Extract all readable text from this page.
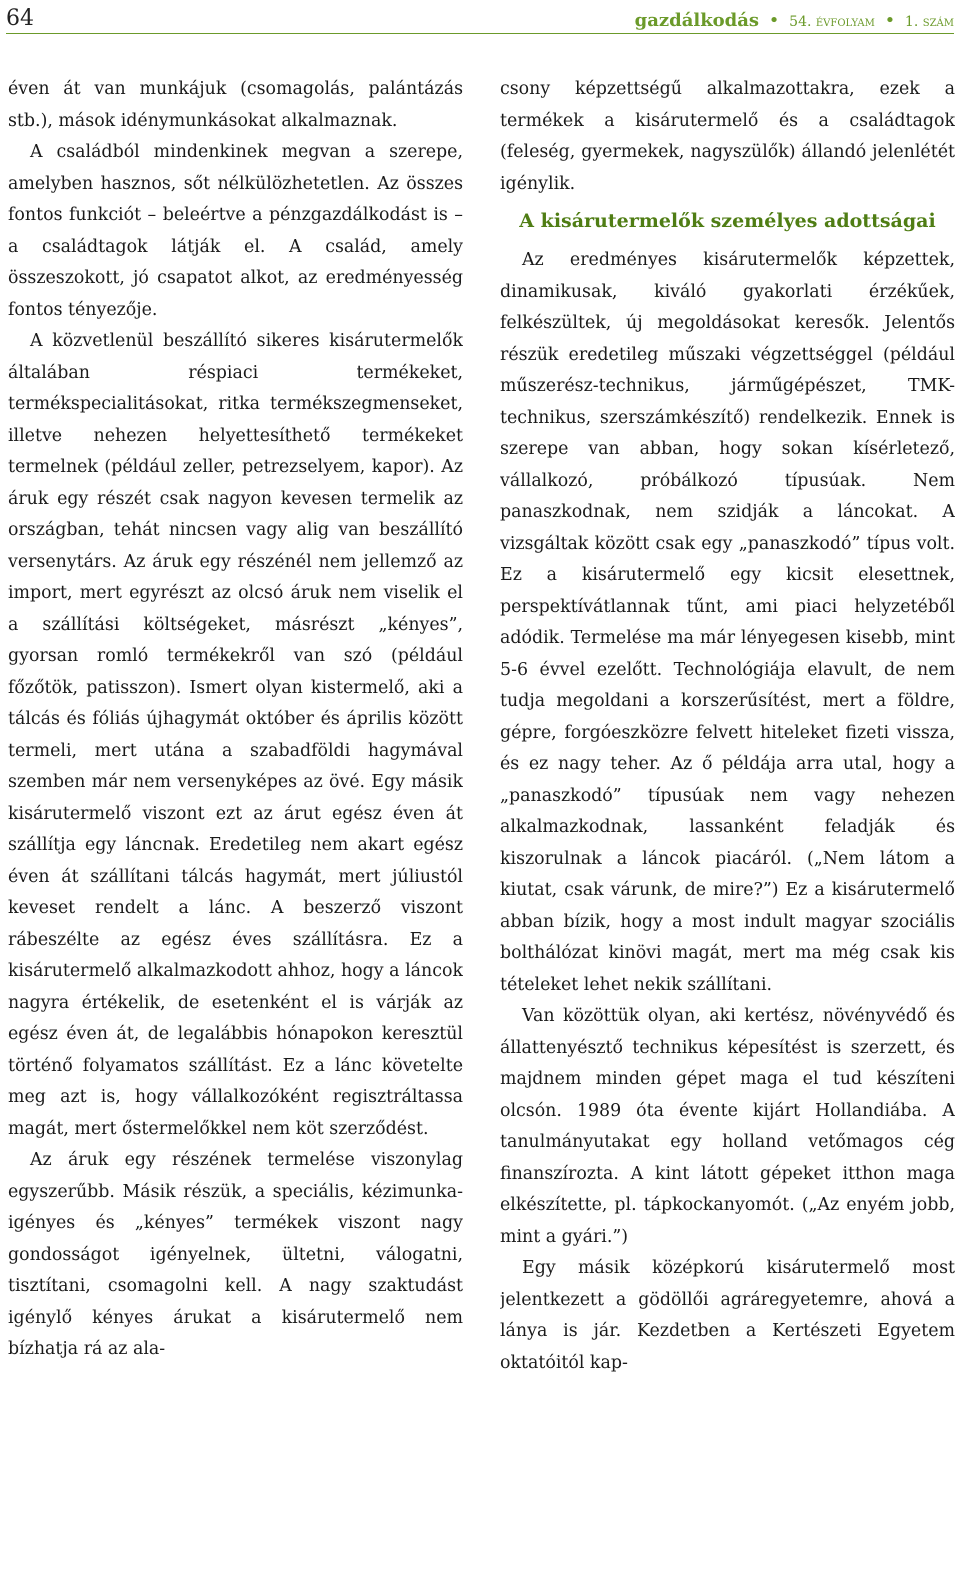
64	gazdálkodás • 54. évfolyam • 1. szám

éven át van munkájuk (csomagolás, palántázás stb.), mások idénymunkásokat alkalmaznak.

A családból mindenkinek megvan a szerepe, amelyben hasznos, sőt nélkülözhetetlen. Az összes fontos funkciót – beleértve a pénzgazdálkodást is – a családtagok látják el. A család, amely összeszokott, jó csapatot alkot, az eredményesség fontos tényezője.

A közvetlenül beszállító sikeres kisárutermelők általában réspiaci termékeket, termékspecialitásokat, ritka termékszegmenseket, illetve nehezen helyettesíthető termékeket termelnek (például zeller, petrezselyem, kapor). Az áruk egy részét csak nagyon kevesen termelik az országban, tehát nincsen vagy alig van beszállító versenytárs. Az áruk egy részénél nem jellemző az import, mert egyrészt az olcsó áruk nem viselik el a szállítási költségeket, másrészt „kényes”, gyorsan romló termékekről van szó (például főzőtök, patisszon). Ismert olyan kistermelő, aki a tálcás és fóliás újhagymát október és április között termeli, mert utána a szabadföldi hagymával szemben már nem versenyképes az övé. Egy másik kisárutermelő viszont ezt az árut egész éven át szállítja egy láncnak. Eredetileg nem akart egész éven át szállítani tálcás hagymát, mert júliustól keveset rendelt a lánc. A beszerző viszont rábeszélte az egész éves szállításra. Ez a kisárutermelő alkalmazkodott ahhoz, hogy a láncok nagyra értékelik, de esetenként el is várják az egész éven át, de legalábbis hónapokon keresztül történő folyamatos szállítást. Ez a lánc követelte meg azt is, hogy vállalkozóként regisztráltassa magát, mert őstermelőkkel nem köt szerződést.

Az áruk egy részének termelése viszonylag egyszerűbb. Másik részük, a speciális, kézimunka-igényes és „kényes” termékek viszont nagy gondosságot igényelnek, ültetni, válogatni, tisztítani, csomagolni kell. A nagy szaktudást igénylő kényes árukat a kisárutermelő nem bízhatja rá az ala-

csony képzettségű alkalmazottakra, ezek a termékek a kisárutermelő és a családtagok (feleség, gyermekek, nagyszülők) állandó jelenlétét igénylik.

A kisárutermelők személyes adottságai

Az eredményes kisárutermelők képzettek, dinamikusak, kiváló gyakorlati érzékűek, felkészültek, új megoldásokat keresők. Jelentős részük eredetileg műszaki végzettséggel (például műszerész-technikus, járműgépészet, TMK-technikus, szerszámkészítő) rendelkezik. Ennek is szerepe van abban, hogy sokan kísérletező, vállalkozó, próbálkozó típusúak. Nem panaszkodnak, nem szidják a láncokat. A vizsgáltak között csak egy „panaszkodó” típus volt. Ez a kisárutermelő egy kicsit elesettnek, perspektívátlannak tűnt, ami piaci helyzetéből adódik. Termelése ma már lényegesen kisebb, mint 5-6 évvel ezelőtt. Technológiája elavult, de nem tudja megoldani a korszerűsítést, mert a földre, gépre, forgóeszközre felvett hiteleket fizeti vissza, és ez nagy teher. Az ő példája arra utal, hogy a „panaszkodó” típusúak nem vagy nehezen alkalmazkodnak, lassanként feladják és kiszorulnak a láncok piacáról. („Nem látom a kiutat, csak várunk, de mire?”) Ez a kisárutermelő abban bízik, hogy a most indult magyar szociális bolthálózat kinövi magát, mert ma még csak kis tételeket lehet nekik szállítani.

Van közöttük olyan, aki kertész, növényvédő és állattenyésztő technikus képesítést is szerzett, és majdnem minden gépet maga el tud készíteni olcsón. 1989 óta évente kijárt Hollandiába. A tanulmányutakat egy holland vetőmagos cég finanszírozta. A kint látott gépeket itthon maga elkészítette, pl. tápkockanyomót. („Az enyém jobb, mint a gyári.”)

Egy másik középkorú kisárutermelő most jelentkezett a gödöllői agráregyetemre, ahová a lánya is jár. Kezdetben a Kertészeti Egyetem oktatóitól kap-
